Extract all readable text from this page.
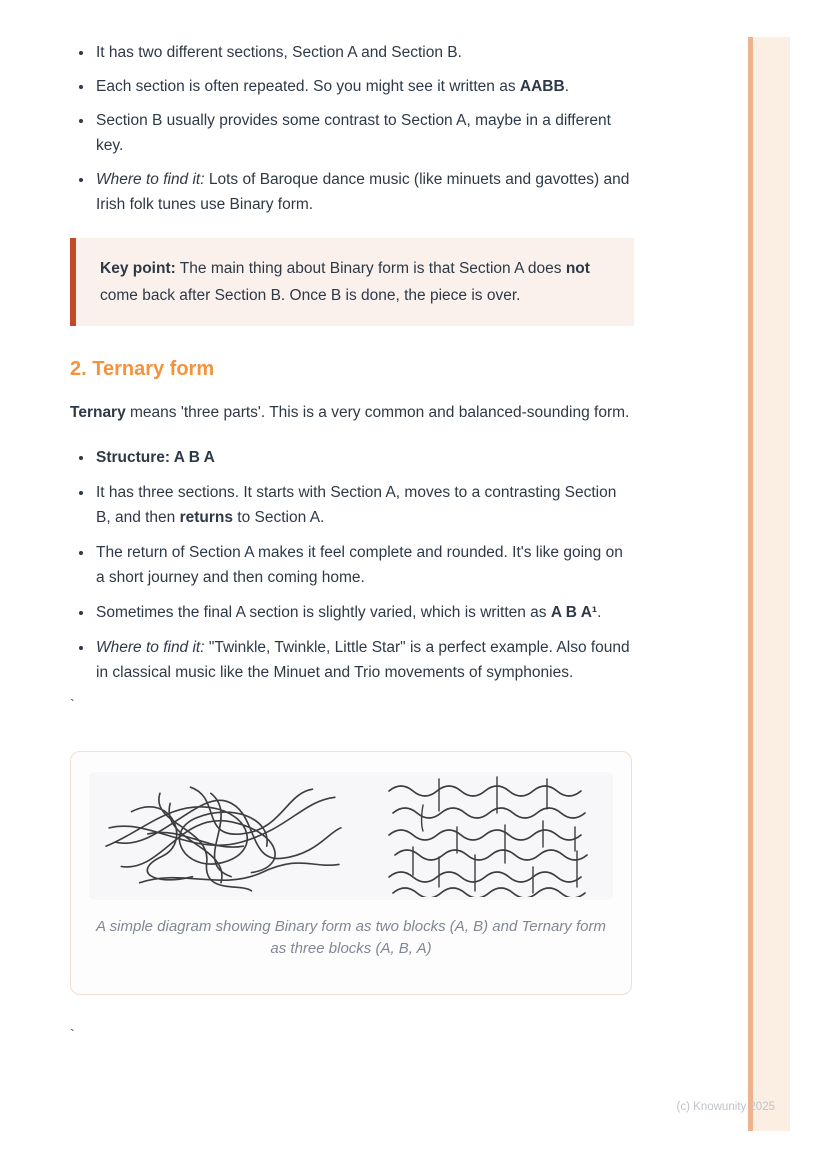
• It has two different sections, Section A and Section B.
• Each section is often repeated. So you might see it written as AABB.
• Section B usually provides some contrast to Section A, maybe in a different key.
• Where to find it: Lots of Baroque dance music (like minuets and gavottes) and Irish folk tunes use Binary form.
Key point: The main thing about Binary form is that Section A does not come back after Section B. Once B is done, the piece is over.
2. Ternary form

Ternary means 'three parts'. This is a very common and balanced-sounding form.

• Structure: A B A
• It has three sections. It starts with Section A, moves to a contrasting Section B, and then returns to Section A.
• The return of Section A makes it feel complete and rounded. It's like going on a short journey and then coming home.
• Sometimes the final A section is slightly varied, which is written as A B A¹.
• Where to find it: "Twinkle, Twinkle, Little Star" is a perfect example. Also found in classical music like the Minuet and Trio movements of symphonies.
`
A simple diagram showing Binary form as two blocks (A, B) and Ternary form as three blocks (A, B, A)
`
(c) Knowunity 2025
